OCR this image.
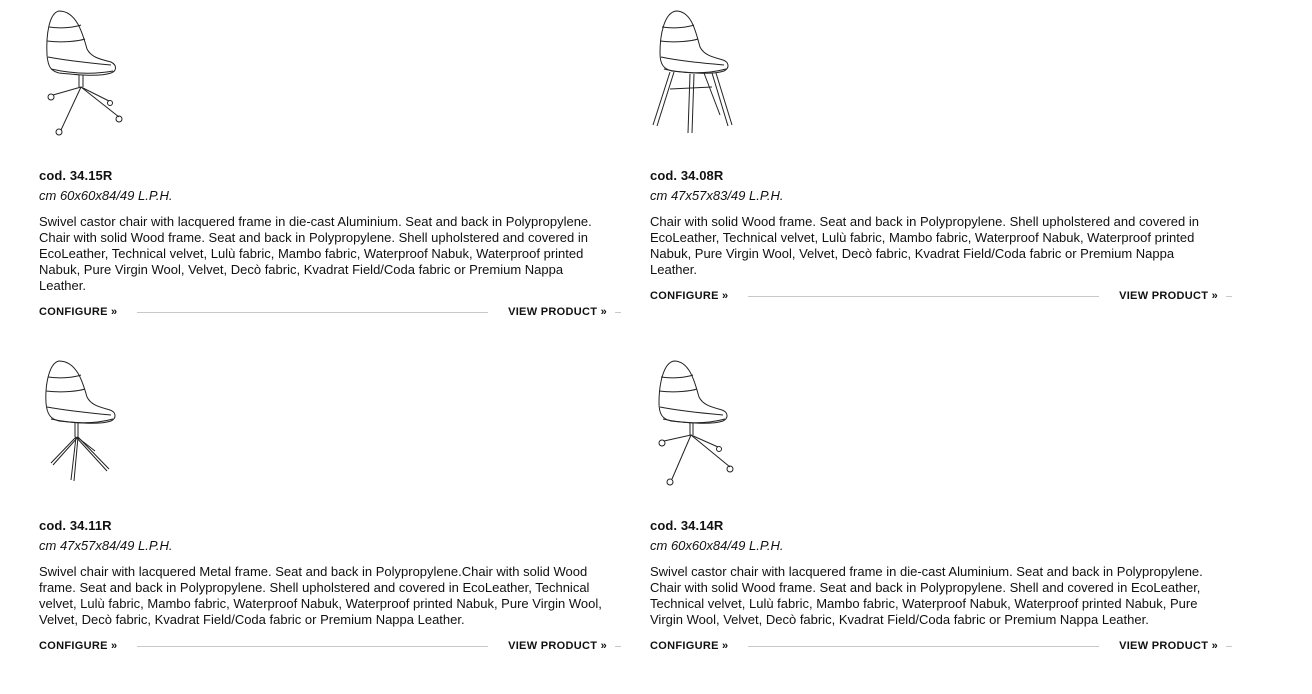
cod. 34.15R
cm 60x60x84/49 L.P.H.
Swivel castor chair with lacquered frame in die-cast Aluminium. Seat and back in Polypropylene. Chair with solid Wood frame. Seat and back in Polypropylene. Shell upholstered and covered in EcoLeather, Technical velvet, Lulù fabric, Mambo fabric, Waterproof Nabuk, Waterproof printed Nabuk, Pure Virgin Wool, Velvet, Decò fabric, Kvadrat Field/Coda fabric or Premium Nappa Leather.
CONFIGURE »	VIEW PRODUCT »
cod. 34.08R
cm 47x57x83/49 L.P.H.
Chair with solid Wood frame. Seat and back in Polypropylene. Shell upholstered and covered in EcoLeather, Technical velvet, Lulù fabric, Mambo fabric, Waterproof Nabuk, Waterproof printed Nabuk, Pure Virgin Wool, Velvet, Decò fabric, Kvadrat Field/Coda fabric or Premium Nappa Leather.
CONFIGURE »	VIEW PRODUCT »
cod. 34.11R
cm 47x57x84/49 L.P.H.
Swivel chair with lacquered Metal frame. Seat and back in Polypropylene.Chair with solid Wood frame. Seat and back in Polypropylene. Shell upholstered and covered in EcoLeather, Technical velvet, Lulù fabric, Mambo fabric, Waterproof Nabuk, Waterproof printed Nabuk, Pure Virgin Wool, Velvet, Decò fabric, Kvadrat Field/Coda fabric or Premium Nappa Leather.
CONFIGURE »	VIEW PRODUCT »
cod. 34.14R
cm 60x60x84/49 L.P.H.
Swivel castor chair with lacquered frame in die-cast Aluminium. Seat and back in Polypropylene. Chair with solid Wood frame. Seat and back in Polypropylene. Shell and covered in EcoLeather, Technical velvet, Lulù fabric, Mambo fabric, Waterproof Nabuk, Waterproof printed Nabuk, Pure Virgin Wool, Velvet, Decò fabric, Kvadrat Field/Coda fabric or Premium Nappa Leather.
CONFIGURE »	VIEW PRODUCT »
